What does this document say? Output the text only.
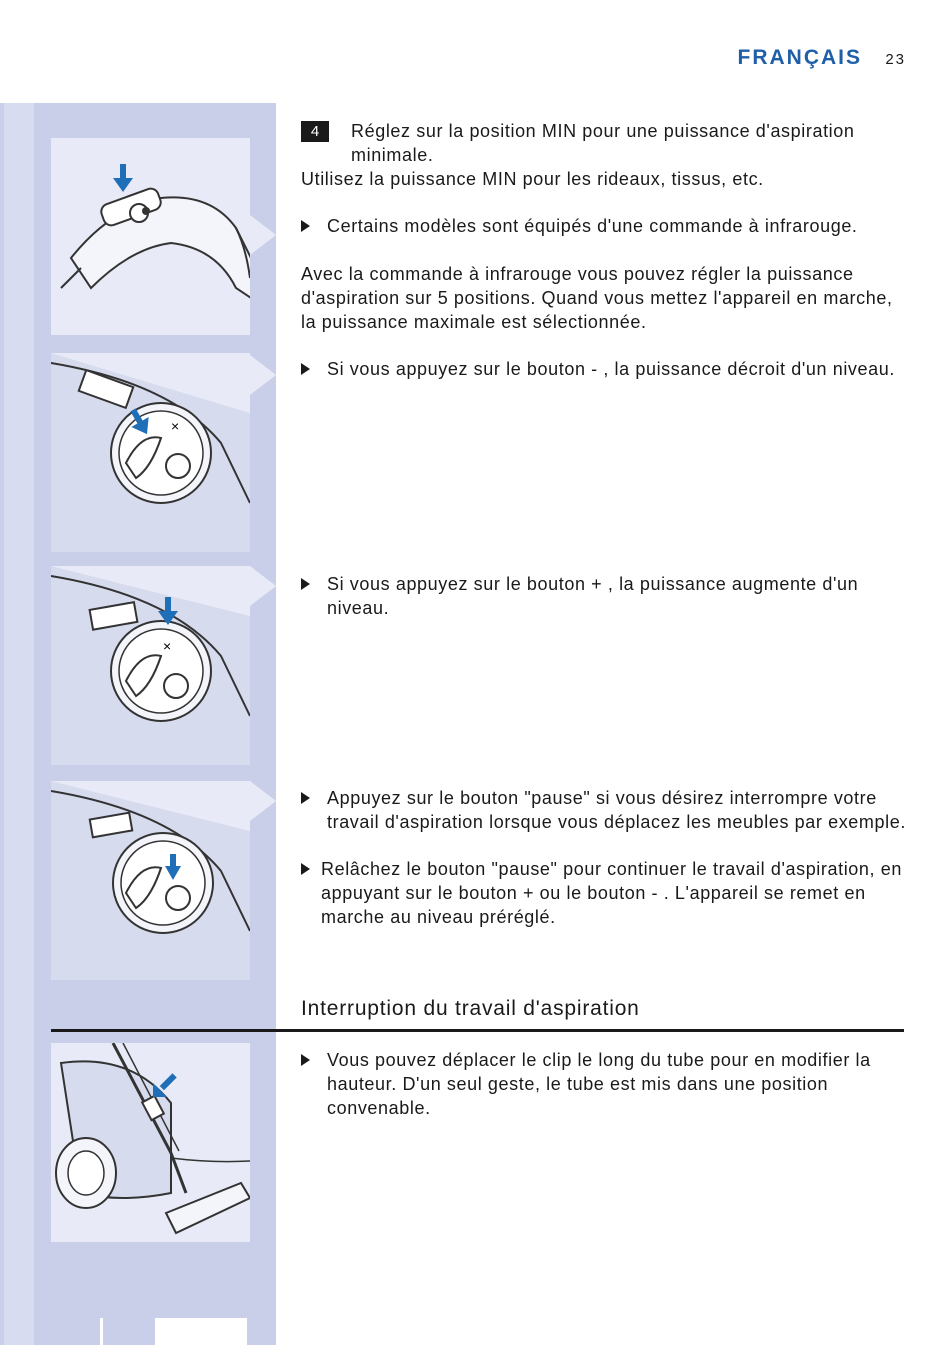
FRANÇAIS 23
×
×
4	Réglez sur la position MIN pour une puissance d'aspiration minimale.
Utilisez la puissance MIN pour les rideaux, tissus, etc.
Certains modèles sont équipés d'une commande à infrarouge.
Avec la commande à infrarouge vous pouvez régler la puissance d'aspiration sur 5 positions. Quand vous mettez l'appareil en marche, la puissance maximale est sélectionnée.
Si vous appuyez sur le bouton - , la puissance décroit d'un niveau.
Si vous appuyez sur le bouton + , la puissance augmente d'un niveau.
Appuyez sur le bouton "pause" si vous désirez interrompre votre travail d'aspiration lorsque vous déplacez les meubles par exemple.
Relâchez le bouton "pause" pour continuer le travail d'aspiration, en appuyant sur le bouton + ou le bouton - . L'appareil se remet en marche au niveau préréglé.
Interruption du travail d'aspiration
Vous pouvez déplacer le clip le long du tube pour en modifier la hauteur. D'un seul geste, le tube est mis dans une position convenable.
